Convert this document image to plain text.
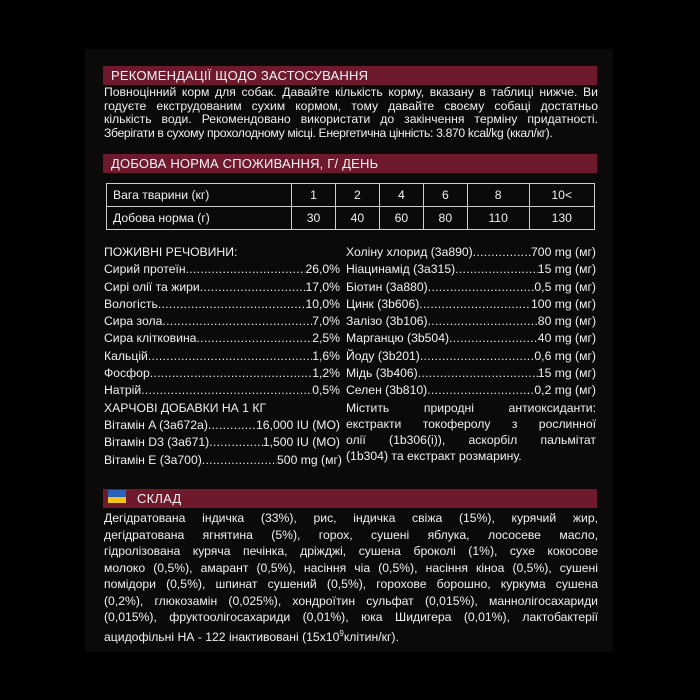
РЕКОМЕНДАЦІЇ ЩОДО ЗАСТОСУВАННЯ
Повноцінний корм для собак. Давайте кількість корму, вказану в таблиці нижче. Ви
годуєте екструдованим сухим кормом, тому давайте своєму собаці достатньо
кількість води. Рекомендовано використати до закінчення терміну придатності.
Зберігати в сухому прохолодному місці. Енергетична цінність: 3.870 kcal/kg (ккал/кг).
ДОБОВА НОРМА СПОЖИВАННЯ, Г/ ДЕНЬ
Вага тварини (кг)	1	2	4	6	8	10<
Добова норма (г)	30	40	60	80	110	130
ПОЖИВНІ РЕЧОВИНИ:
Сирий протеїн .....	26,0%
Сирі олії та жири .....	17,0%
Вологість .....	10,0%
Сира зола .....	7,0%
Сира клітковина .....	2,5%
Кальцій .....	1,6%
Фосфор .....	1,2%
Натрій .....	0,5%
ХАРЧОВІ ДОБАВКИ НА 1 КГ
Вітамін A (3a672a) .....	16,000 IU (МО)
Вітамін D3 (3a671) .....	1,500 IU (МО)
Вітамін E (3a700) .....	500 mg (мг)
Холіну хлорид (3a890) .....	700 mg (мг)
Ніацинамід (3a315) .....	15 mg (мг)
Біотин (3a880) .....	0,5 mg (мг)
Цинк (3b606) .....	100 mg (мг)
Залізо (3b106) .....	80 mg (мг)
Марганцю (3b504) .....	40 mg (мг)
Йоду (3b201) .....	0,6 mg (мг)
Мідь (3b406) .....	15 mg (мг)
Селен (3b810) .....	0,2 mg (мг)
Містить природні антиоксиданти:
екстракти токоферолу з рослинної
олії (1b306(i)), аскорбіл пальмітат
(1b304) та екстракт розмарину.
СКЛАД
Дегідратована індичка (33%), рис, індичка свіжа (15%), курячий жир,
дегідратована ягнятина (5%), горох, сушені яблука, лососеве масло,
гідролізована куряча печінка, дріжджі, сушена броколі (1%), сухе кокосове
молоко (0,5%), амарант (0,5%), насіння чіа (0,5%), насіння кіноа (0,5%), сушені
помідори (0,5%), шпинат сушений (0,5%), горохове борошно, куркума сушена
(0,2%), глюкозамін (0,025%), хондроїтин сульфат (0,015%), маннолігосахариди
(0,015%), фруктоолігосахариди (0,01%), юка Шидигера (0,01%), лактобактерії
ацидофільні НА - 122 інактивовані $(15х10^9клітин/кг)$.
